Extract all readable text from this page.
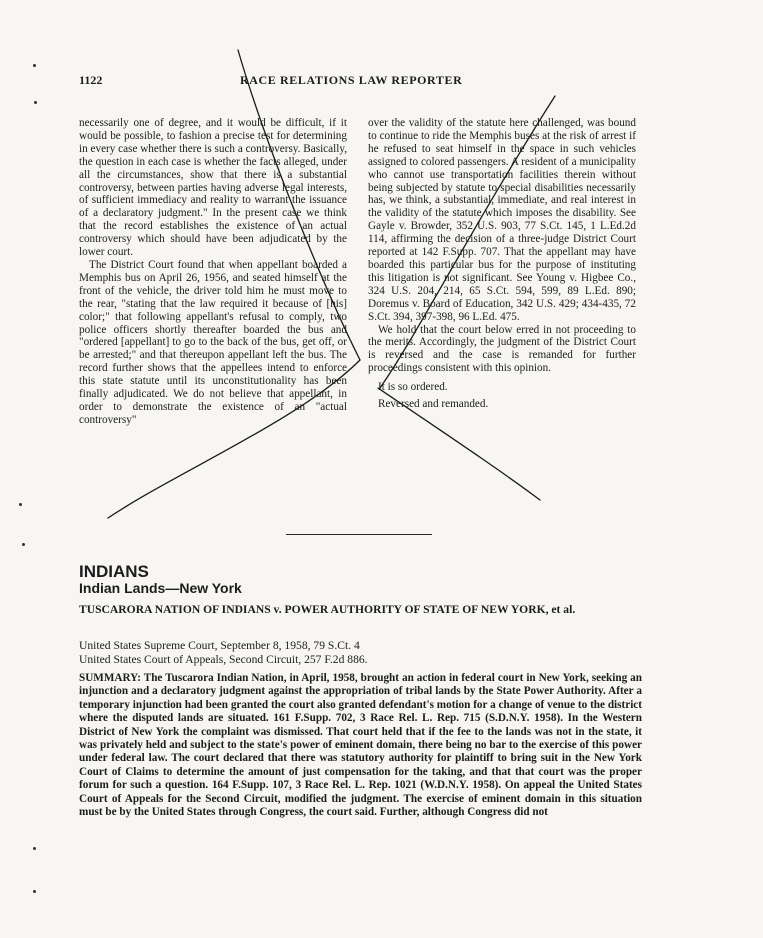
1122	RACE RELATIONS LAW REPORTER

necessarily one of degree, and it would be difficult, if it would be possible, to fashion a precise test for determining in every case whether there is such a controversy. Basically, the question in each case is whether the facts alleged, under all the circumstances, show that there is a substantial controversy, between parties having adverse legal interests, of sufficient immediacy and reality to warrant the issuance of a declaratory judgment." In the present case we think that the record establishes the existence of an actual controversy which should have been adjudicated by the lower court.

The District Court found that when appellant boarded a Memphis bus on April 26, 1956, and seated himself at the front of the vehicle, the driver told him he must move to the rear, "stating that the law required it because of [his] color;" that following appellant's refusal to comply, two police officers shortly thereafter boarded the bus and "ordered [appellant] to go to the back of the bus, get off, or be arrested;" and that thereupon appellant left the bus. The record further shows that the appellees intend to enforce this state statute until its unconstitutionality has been finally adjudicated. We do not believe that appellant, in order to demonstrate the existence of an "actual controversy"

over the validity of the statute here challenged, was bound to continue to ride the Memphis buses at the risk of arrest if he refused to seat himself in the space in such vehicles assigned to colored passengers. A resident of a municipality who cannot use transportation facilities therein without being subjected by statute to special disabilities necessarily has, we think, a substantial, immediate, and real interest in the validity of the statute which imposes the disability. See Gayle v. Browder, 352 U.S. 903, 77 S.Ct. 145, 1 L.Ed.2d 114, affirming the decision of a three-judge District Court reported at 142 F.Supp. 707. That the appellant may have boarded this particular bus for the purpose of instituting this litigation is not significant. See Young v. Higbee Co., 324 U.S. 204, 214, 65 S.Ct. 594, 599, 89 L.Ed. 890; Doremus v. Board of Education, 342 U.S. 429; 434-435, 72 S.Ct. 394, 397-398, 96 L.Ed. 475.

We hold that the court below erred in not proceeding to the merits. Accordingly, the judgment of the District Court is reversed and the case is remanded for further proceedings consistent with this opinion.

It is so ordered.

Reversed and remanded.

INDIANS
Indian Lands—New York
TUSCARORA NATION OF INDIANS v. POWER AUTHORITY OF STATE OF NEW YORK, et al.
United States Supreme Court, September 8, 1958, 79 S.Ct. 4
United States Court of Appeals, Second Circuit, 257 F.2d 886.
SUMMARY: The Tuscarora Indian Nation, in April, 1958, brought an action in federal court in New York, seeking an injunction and a declaratory judgment against the appropriation of tribal lands by the State Power Authority. After a temporary injunction had been granted the court also granted defendant's motion for a change of venue to the district where the disputed lands are situated. 161 F.Supp. 702, 3 Race Rel. L. Rep. 715 (S.D.N.Y. 1958). In the Western District of New York the complaint was dismissed. That court held that if the fee to the lands was not in the state, it was privately held and subject to the state's power of eminent domain, there being no bar to the exercise of this power under federal law. The court declared that there was statutory authority for plaintiff to bring suit in the New York Court of Claims to determine the amount of just compensation for the taking, and that that court was the proper forum for such a question. 164 F.Supp. 107, 3 Race Rel. L. Rep. 1021 (W.D.N.Y. 1958). On appeal the United States Court of Appeals for the Second Circuit, modified the judgment. The exercise of eminent domain in this situation must be by the United States through Congress, the court said. Further, although Congress did not
